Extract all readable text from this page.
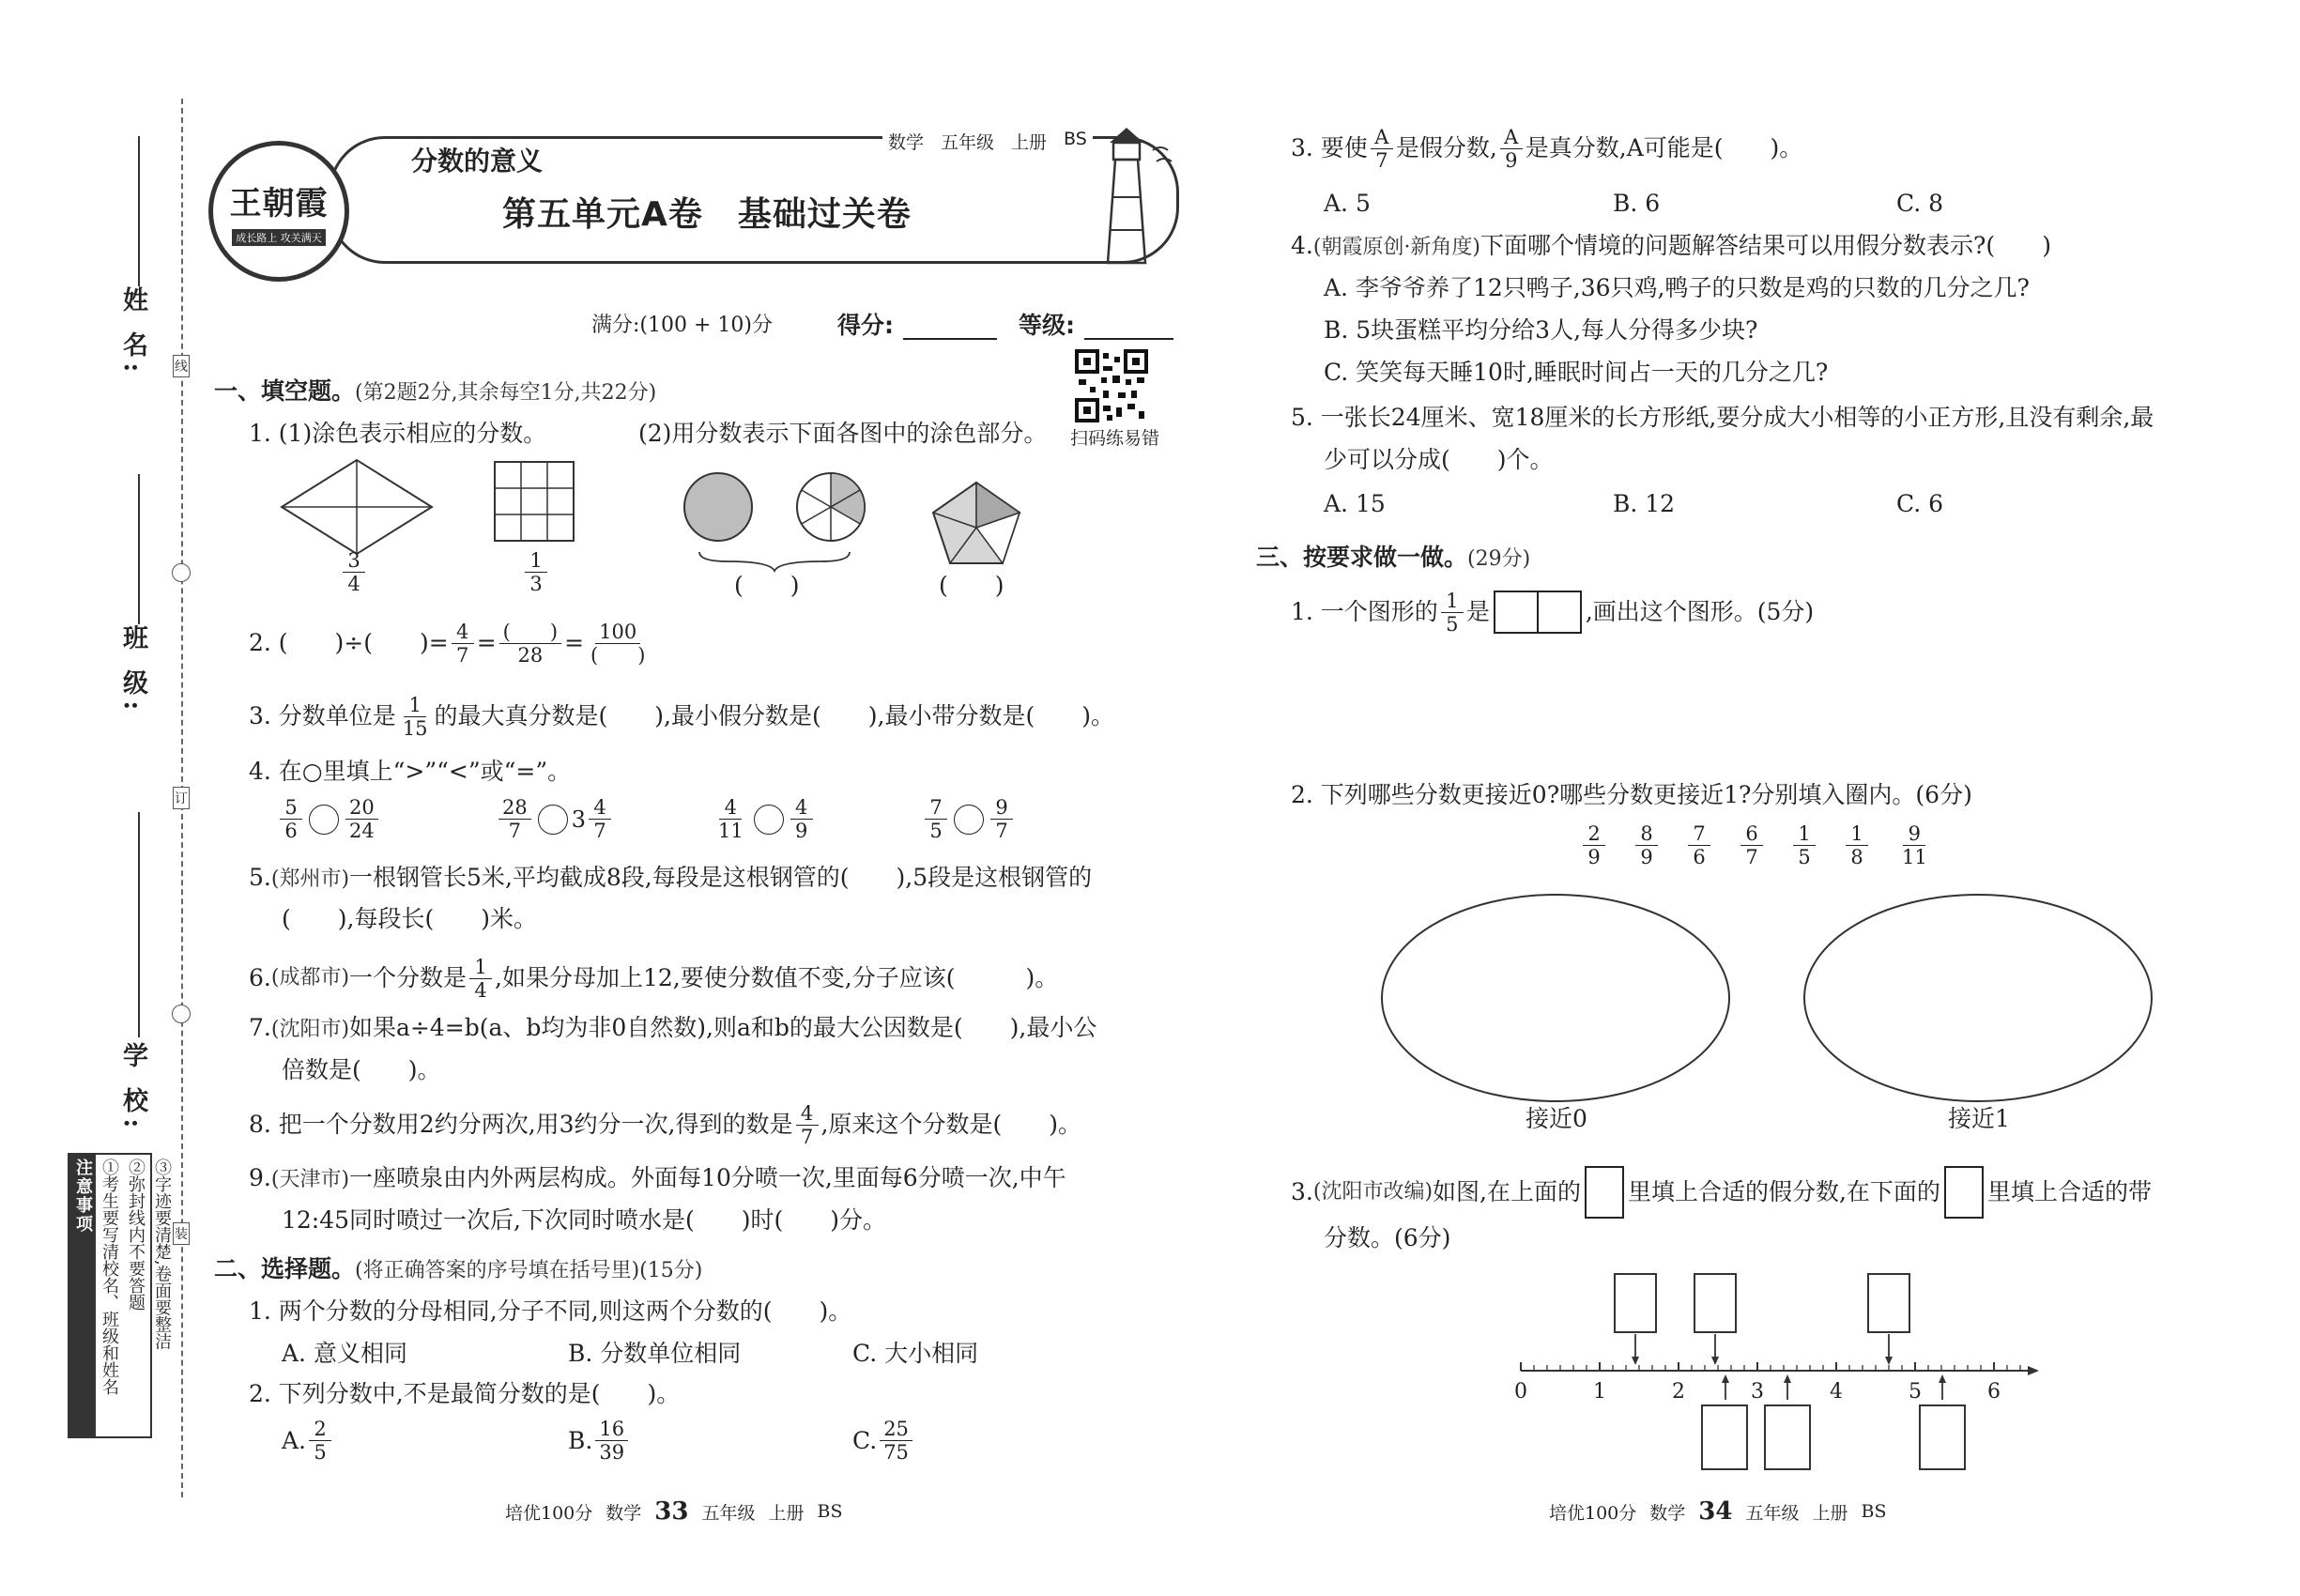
线
订
装
姓 名:
班 级:
学 校:
注意事项 ①考生要写清校名、班级和姓名 ②弥封线内不要答题 ③字迹要清楚,卷面要整洁
王朝霞
成长路上 攻关满天
分数的意义
数学 五年级 上册 BS
第五单元A卷　基础过关卷
满分:(100 + 10)分	得分:	等级:
扫码练易错
一、填空题。(第2题2分,其余每空1分,共22分)
1. (1)涂色表示相应的分数。	(2)用分数表示下面各图中的涂色部分。
$\frac{3}{4}$	$\frac{1}{3}$	(　　)	(　　)
2. (　　)÷(　　)= $\frac{4}{7} = \frac{( )}{28} = \frac{100}{( )}$
3. 分数单位是 $\frac{1}{15}$ 的最大真分数是(　　),最小假分数是(　　),最小带分数是(　　)。
4. 在○里填上“>”“<”或“=”。
$\frac{5}{6} \frac{20}{24}$	$\frac{28}{7} 3 \frac{4}{7}$	$\frac{4}{11} \frac{4}{9}$	$\frac{7}{5} \frac{9}{7}$
5.(郑州市)一根钢管长5米,平均截成8段,每段是这根钢管的(　　),5段是这根钢管的
(　　),每段长(　　)米。
6. (成都市) 一个分数是 $\frac{1}{4}$ ,如果分母加上12,要使分数值不变,分子应该(　　　)。
7.(沈阳市)如果a÷4=b(a、b均为非0自然数),则a和b的最大公因数是(　　),最小公
倍数是(　　)。
8. 把一个分数用2约分两次,用3约分一次,得到的数是 $\frac{4}{7}$ ,原来这个分数是(　　)。
9.(天津市)一座喷泉由内外两层构成。外面每10分喷一次,里面每6分喷一次,中午
12:45同时喷过一次后,下次同时喷水是(　　)时(　　)分。
二、选择题。(将正确答案的序号填在括号里)(15分)
1. 两个分数的分母相同,分子不同,则这两个分数的(　　)。
A. 意义相同	B. 分数单位相同	C. 大小相同
2. 下列分数中,不是最简分数的是(　　)。
A. $\frac{2}{5}$	B. $\frac{16}{39}$	C. $\frac{25}{75}$
培优100分 数学 33 五年级 上册 BS
3. 要使 $\frac{A}{7}$ 是假分数, $\frac{A}{9}$ 是真分数,A可能是(　　)。
A. 5	B. 6	C. 8
4.(朝霞原创·新角度)下面哪个情境的问题解答结果可以用假分数表示?(　　)
A. 李爷爷养了12只鸭子,36只鸡,鸭子的只数是鸡的只数的几分之几?
B. 5块蛋糕平均分给3人,每人分得多少块?
C. 笑笑每天睡10时,睡眠时间占一天的几分之几?
5. 一张长24厘米、宽18厘米的长方形纸,要分成大小相等的小正方形,且没有剩余,最
少可以分成(　　)个。
A. 15	B. 12	C. 6
三、按要求做一做。(29分)
1. 一个图形的 $\frac{1}{5}$ 是	,画出这个图形。(5分)
2. 下列哪些分数更接近0?哪些分数更接近1?分别填入圈内。(6分)
$\frac{2}{9} \frac{8}{9} \frac{7}{6} \frac{6}{7} \frac{1}{5} \frac{1}{8} \frac{9}{11}$
接近0	接近1
3. (沈阳市改编) 如图,在上面的 里填上合适的假分数,在下面的 里填上合适的带
分数。(6分)
0	1	2	3	4	5	6
培优100分 数学 34 五年级 上册 BS
